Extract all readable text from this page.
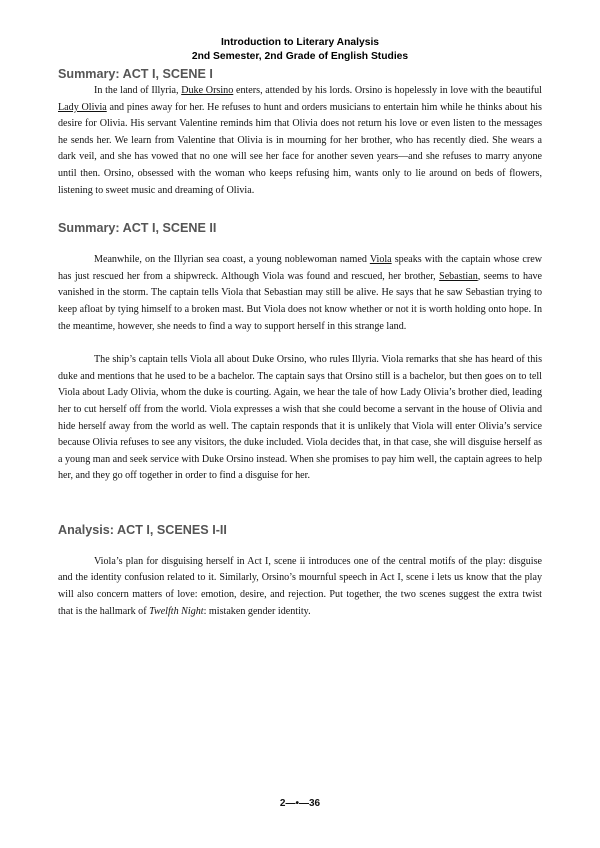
Introduction to Literary Analysis
2nd Semester, 2nd Grade of English Studies
Summary: ACT I, SCENE I

In the land of Illyria, Duke Orsino enters, attended by his lords. Orsino is hopelessly in love with the beautiful Lady Olivia and pines away for her. He refuses to hunt and orders musicians to entertain him while he thinks about his desire for Olivia. His servant Valentine reminds him that Olivia does not return his love or even listen to the messages he sends her. We learn from Valentine that Olivia is in mourning for her brother, who has recently died. She wears a dark veil, and she has vowed that no one will see her face for another seven years—and she refuses to marry anyone until then. Orsino, obsessed with the woman who keeps refusing him, wants only to lie around on beds of flowers, listening to sweet music and dreaming of Olivia.

Summary: ACT I, SCENE II

Meanwhile, on the Illyrian sea coast, a young noblewoman named Viola speaks with the captain whose crew has just rescued her from a shipwreck. Although Viola was found and rescued, her brother, Sebastian, seems to have vanished in the storm. The captain tells Viola that Sebastian may still be alive. He says that he saw Sebastian trying to keep afloat by tying himself to a broken mast. But Viola does not know whether or not it is worth holding onto hope. In the meantime, however, she needs to find a way to support herself in this strange land.

The ship’s captain tells Viola all about Duke Orsino, who rules Illyria. Viola remarks that she has heard of this duke and mentions that he used to be a bachelor. The captain says that Orsino still is a bachelor, but then goes on to tell Viola about Lady Olivia, whom the duke is courting. Again, we hear the tale of how Lady Olivia’s brother died, leading her to cut herself off from the world. Viola expresses a wish that she could become a servant in the house of Olivia and hide herself away from the world as well. The captain responds that it is unlikely that Viola will enter Olivia’s service because Olivia refuses to see any visitors, the duke included. Viola decides that, in that case, she will disguise herself as a young man and seek service with Duke Orsino instead. When she promises to pay him well, the captain agrees to help her, and they go off together in order to find a disguise for her.

Analysis: ACT I, SCENES I-II

Viola’s plan for disguising herself in Act I, scene ii introduces one of the central motifs of the play: disguise and the identity confusion related to it. Similarly, Orsino’s mournful speech in Act I, scene i lets us know that the play will also concern matters of love: emotion, desire, and rejection. Put together, the two scenes suggest the extra twist that is the hallmark of Twelfth Night: mistaken gender identity.

2—•—36
